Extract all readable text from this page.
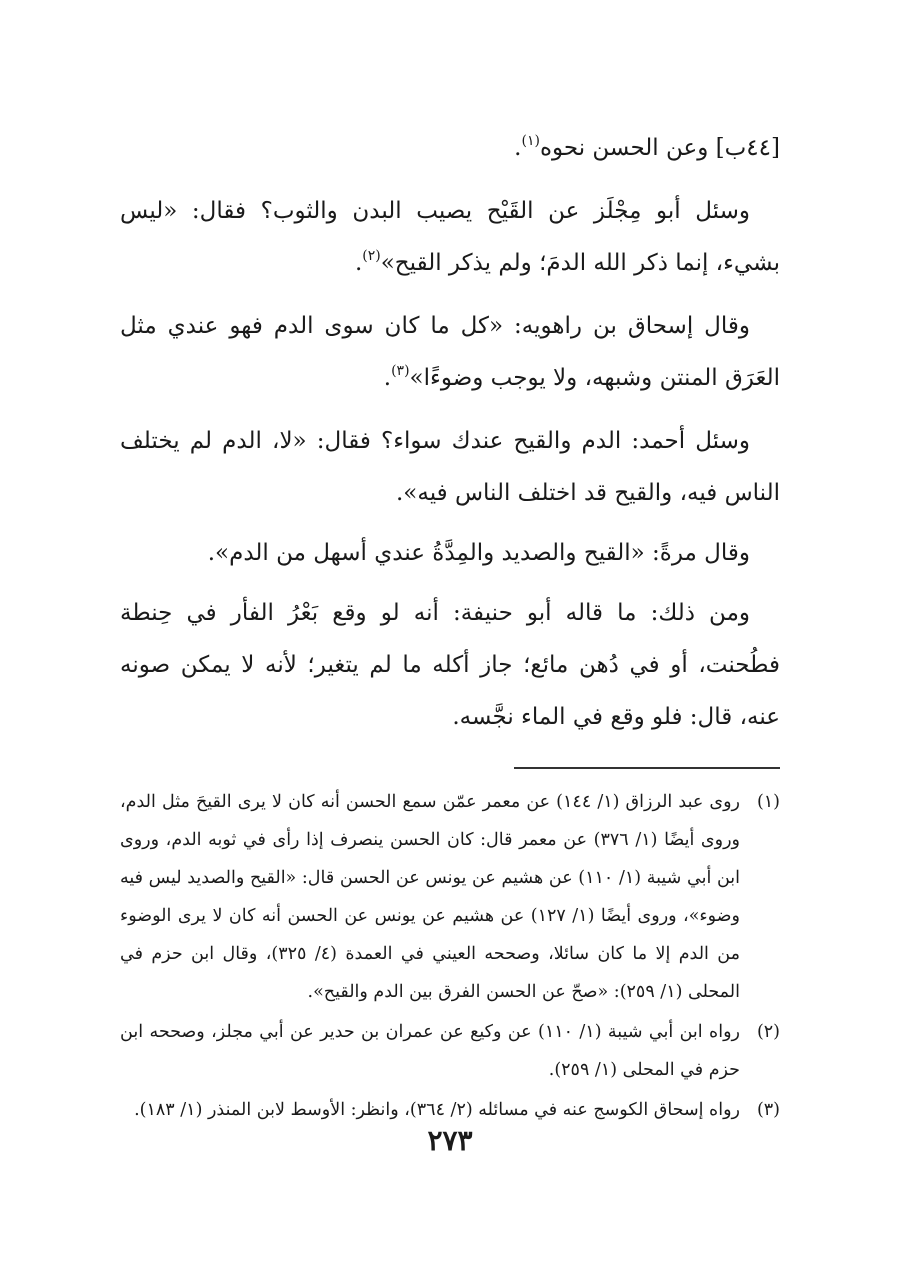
[٤٤ب] وعن الحسن نحوه$^{(١)}$.

وسئل أبو مِجْلَز عن القَيْح يصيب البدن والثوب؟ فقال: «ليس بشيء، إنما ذكر الله الدمَ؛ ولم يذكر القيح»$^{(٢)}$.

وقال إسحاق بن راهويه: «كل ما كان سوى الدم فهو عندي مثل العَرَق المنتن وشبهه، ولا يوجب وضوءًا»$^{(٣)}$.

وسئل أحمد: الدم والقيح عندك سواء؟ فقال: «لا، الدم لم يختلف الناس فيه، والقيح قد اختلف الناس فيه».

وقال مرةً: «القيح والصديد والمِدَّةُ عندي أسهل من الدم».

ومن ذلك: ما قاله أبو حنيفة: أنه لو وقع بَعْرُ الفأر في حِنطة فطُحنت، أو في دُهن مائع؛ جاز أكله ما لم يتغير؛ لأنه لا يمكن صونه عنه، قال: فلو وقع في الماء نجَّسه.

(١)
روى عبد الرزاق (١/ ١٤٤) عن معمر عمّن سمع الحسن أنه كان لا يرى القيحَ مثل الدم، وروى أيضًا (١/ ٣٧٦) عن معمر قال: كان الحسن ينصرف إذا رأى في ثوبه الدم، وروى ابن أبي شيبة (١/ ١١٠) عن هشيم عن يونس عن الحسن قال: «القيح والصديد ليس فيه وضوء»، وروى أيضًا (١/ ١٢٧) عن هشيم عن يونس عن الحسن أنه كان لا يرى الوضوء من الدم إلا ما كان سائلا، وصححه العيني في العمدة (٤/ ٣٢٥)، وقال ابن حزم في المحلى (١/ ٢٥٩): «صحّ عن الحسن الفرق بين الدم والقيح».
(٢)
رواه ابن أبي شيبة (١/ ١١٠) عن وكيع عن عمران بن حدير عن أبي مجلز، وصححه ابن حزم في المحلى (١/ ٢٥٩).
(٣)
رواه إسحاق الكوسج عنه في مسائله (٢/ ٣٦٤)، وانظر: الأوسط لابن المنذر (١/ ١٨٣).
٢٧٣
